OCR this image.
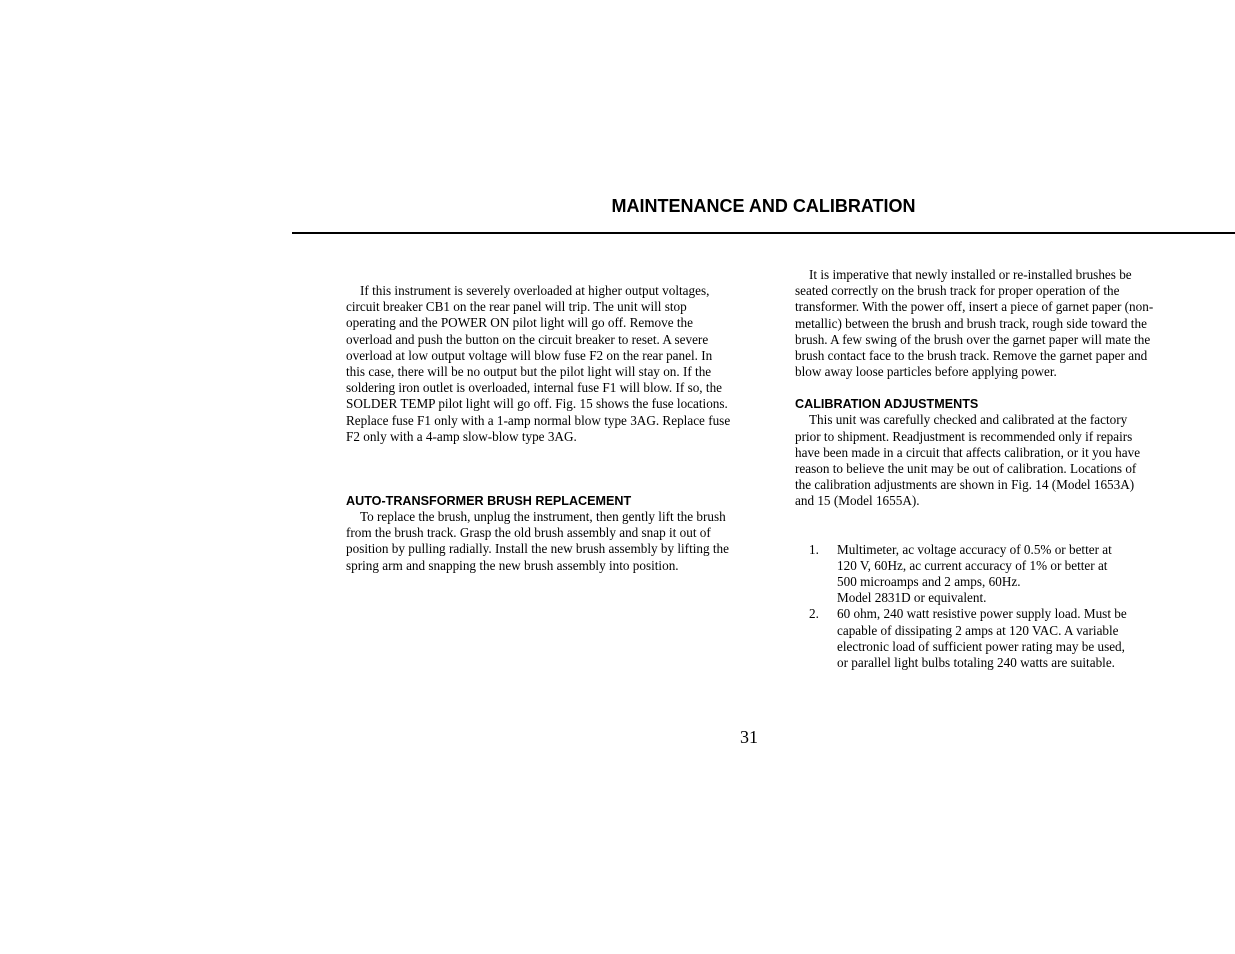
MAINTENANCE AND CALIBRATION

If this instrument is severely overloaded at higher output voltages, circuit breaker CB1 on the rear panel will trip. The unit will stop operating and the POWER ON pilot light will go off. Remove the overload and push the button on the circuit breaker to reset. A severe overload at low output voltage will blow fuse F2 on the rear panel. In this case, there will be no output but the pilot light will stay on. If the soldering iron outlet is overloaded, internal fuse F1 will blow. If so, the SOLDER TEMP pilot light will go off. Fig. 15 shows the fuse locations. Replace fuse F1 only with a 1-amp normal blow type 3AG. Replace fuse F2 only with a 4-amp slow-blow type 3AG.

AUTO-TRANSFORMER BRUSH REPLACEMENT

To replace the brush, unplug the instrument, then gently lift the brush from the brush track. Grasp the old brush assembly and snap it out of position by pulling radially. Install the new brush assembly by lifting the spring arm and snapping the new brush assembly into position.

It is imperative that newly installed or re-installed brushes be seated correctly on the brush track for proper operation of the transformer. With the power off, insert a piece of garnet paper (non-metallic) between the brush and brush track, rough side toward the brush. A few swing of the brush over the garnet paper will mate the brush contact face to the brush track. Remove the garnet paper and blow away loose particles before applying power.

CALIBRATION ADJUSTMENTS

This unit was carefully checked and calibrated at the factory prior to shipment. Readjustment is recommended only if repairs have been made in a circuit that affects calibration, or it you have reason to believe the unit may be out of calibration. Locations of the calibration adjustments are shown in Fig. 14 (Model 1653A) and 15 (Model 1655A).

1. Multimeter, ac voltage accuracy of 0.5% or better at
120 V, 60Hz, ac current accuracy of 1% or better at
500 microamps and 2 amps, 60Hz.
Model 2831D or equivalent.
2. 60 ohm, 240 watt resistive power supply load. Must be
capable of dissipating 2 amps at 120 VAC. A variable
electronic load of sufficient power rating may be used,
or parallel light bulbs totaling 240 watts are suitable.
31
